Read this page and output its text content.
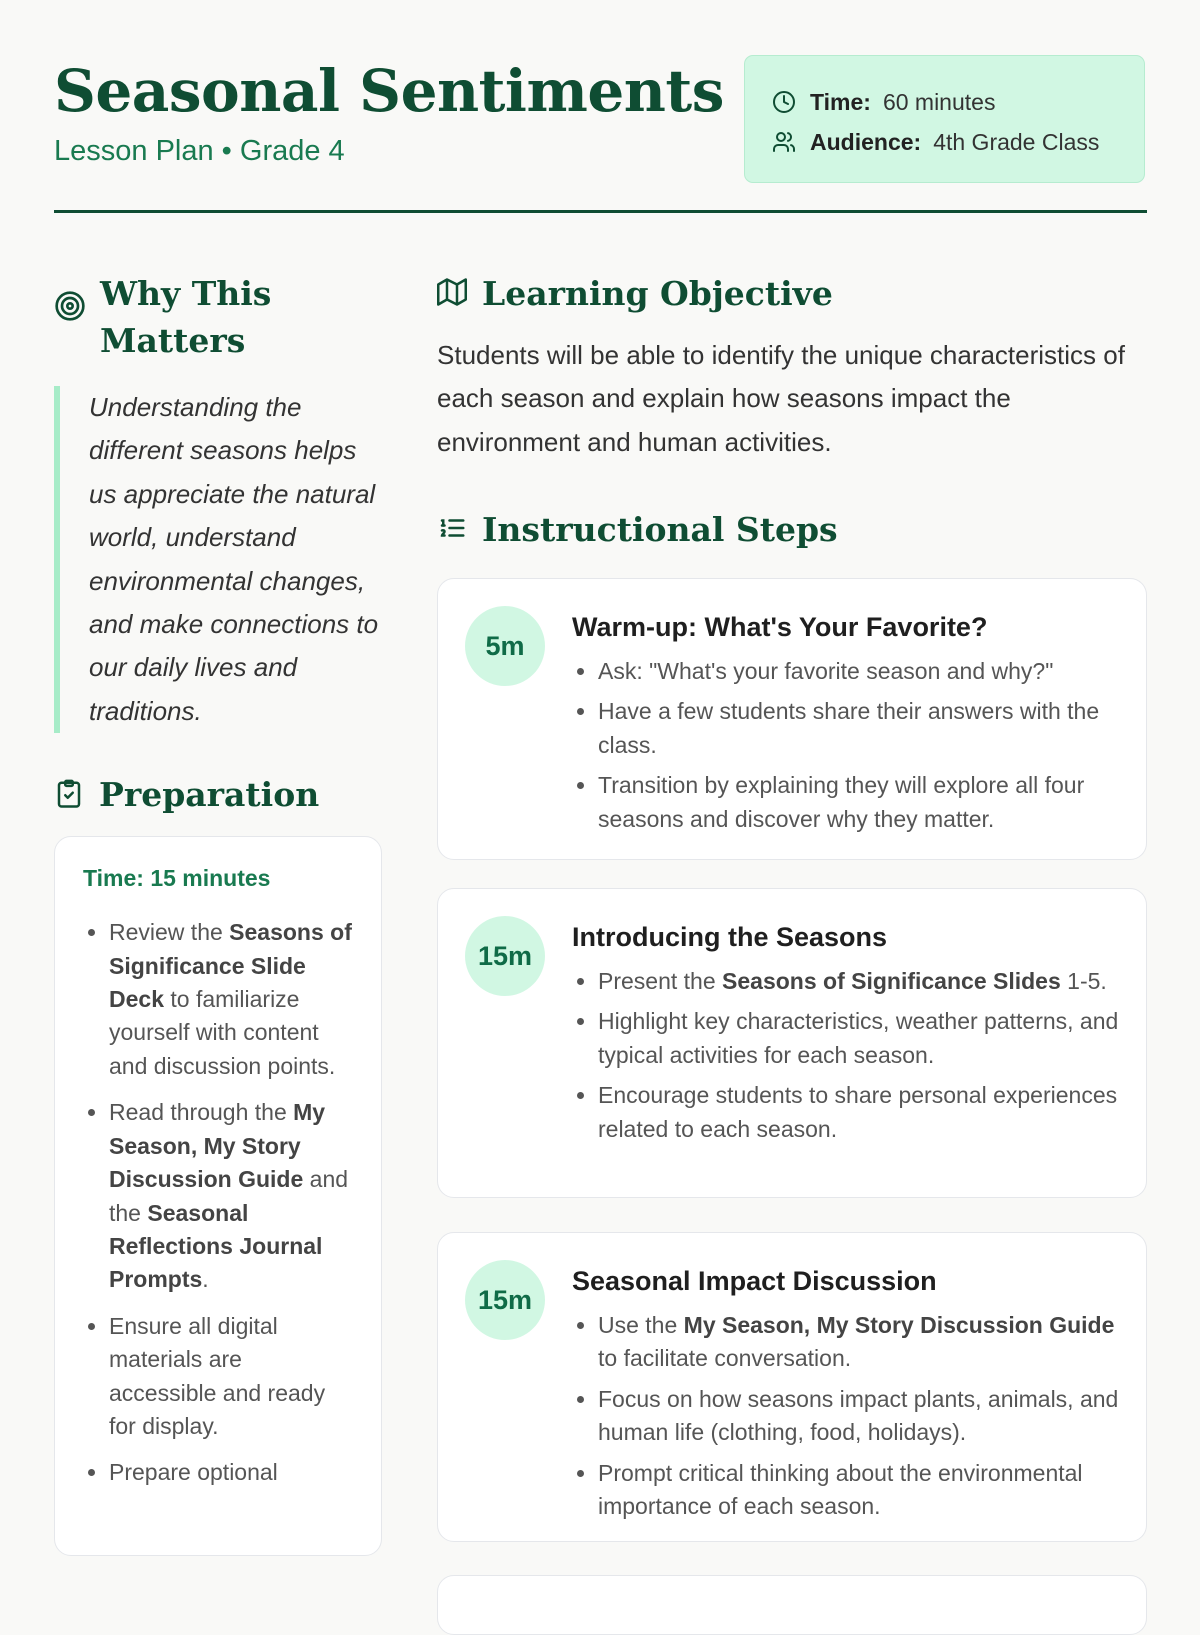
Seasonal Sentiments
Lesson Plan • Grade 4
Time: 60 minutes
Audience: 4th Grade Class
Why This Matters
Understanding the different seasons helps us appreciate the natural world, understand environmental changes, and make connections to our daily lives and traditions.
Preparation
Time: 15 minutes
• Review the Seasons of Significance Slide Deck to familiarize yourself with content and discussion points.
• Read through the My Season, My Story Discussion Guide and the Seasonal Reflections Journal Prompts.
• Ensure all digital materials are accessible and ready for display.
• Prepare optional
Learning Objective

Students will be able to identify the unique characteristics of each season and explain how seasons impact the environment and human activities.

Instructional Steps
5m
Warm-up: What's Your Favorite?
• Ask: "What's your favorite season and why?"
• Have a few students share their answers with the class.
• Transition by explaining they will explore all four seasons and discover why they matter.
15m
Introducing the Seasons
• Present the Seasons of Significance Slides 1-5.
• Highlight key characteristics, weather patterns, and typical activities for each season.
• Encourage students to share personal experiences related to each season.
15m
Seasonal Impact Discussion
• Use the My Season, My Story Discussion Guide to facilitate conversation.
• Focus on how seasons impact plants, animals, and human life (clothing, food, holidays).
• Prompt critical thinking about the environmental importance of each season.
